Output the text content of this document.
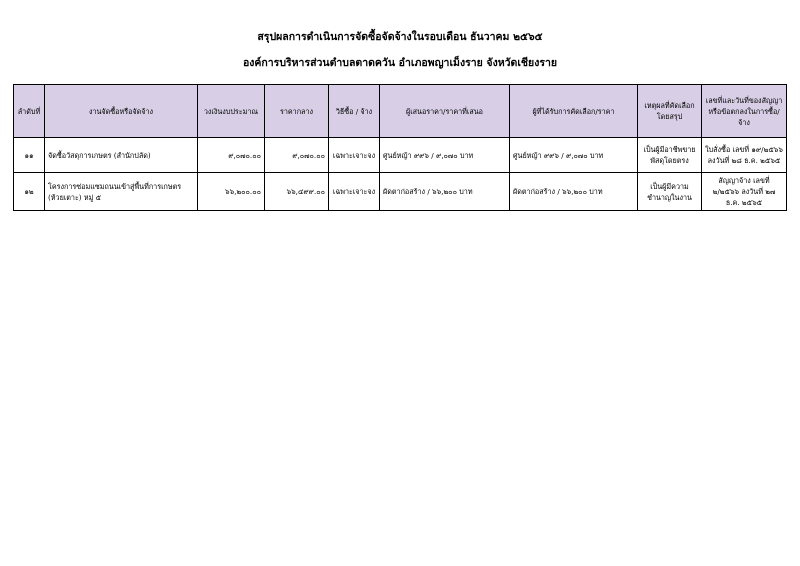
สรุปผลการดำเนินการจัดซื้อจัดจ้างในรอบเดือน ธันวาคม ๒๕๖๕
องค์การบริหารส่วนตำบลตาดควัน อำเภอพญาเม็งราย จังหวัดเชียงราย
ลำดับที่	งานจัดซื้อหรือจัดจ้าง	วงเงินงบประมาณ	ราคากลาง	วิธีซื้อ / จ้าง	ผู้เสนอราคา/ราคาที่เสนอ	ผู้ที่ได้รับการคัดเลือก/ราคา	เหตุผลที่คัดเลือกโดยสรุป	เลขที่และวันที่ของสัญญาหรือข้อตกลงในการซื้อ/จ้าง
๑๑	จัดซื้อวัสดุการเกษตร (สำนักปลัด)	๙,๐๗๐.๐๐	๙,๐๗๐.๐๐	เฉพาะเจาะจง	ศูนย์หญ้า ๙๙๖ / ๙,๐๗๐ บาท	ศูนย์หญ้า ๙๙๖ / ๙,๐๗๐ บาท	เป็นผู้มีอาชีพขายพัสดุโดยตรง	ใบสั่งซื้อ เลขที่ ๑๙/๒๕๖๖ ลงวันที่ ๒๘ ธ.ค. ๒๕๖๕
๑๒	โครงการซ่อมแซมถนนเข้าสู่พื้นที่การเกษตร (ห้วยเตาะ) หมู่ ๕	๖๖,๒๐๐.๐๐	๖๖,๔๙๙.๐๐	เฉพาะเจาะจง	ผัดตาก่อสร้าง / ๖๖,๒๐๐ บาท	ผัดตาก่อสร้าง / ๖๖,๒๐๐ บาท	เป็นผู้มีความชำนาญในงาน	สัญญาจ้าง เลขที่ ๒/๒๕๖๖ ลงวันที่ ๒๗ ธ.ค. ๒๕๖๕
